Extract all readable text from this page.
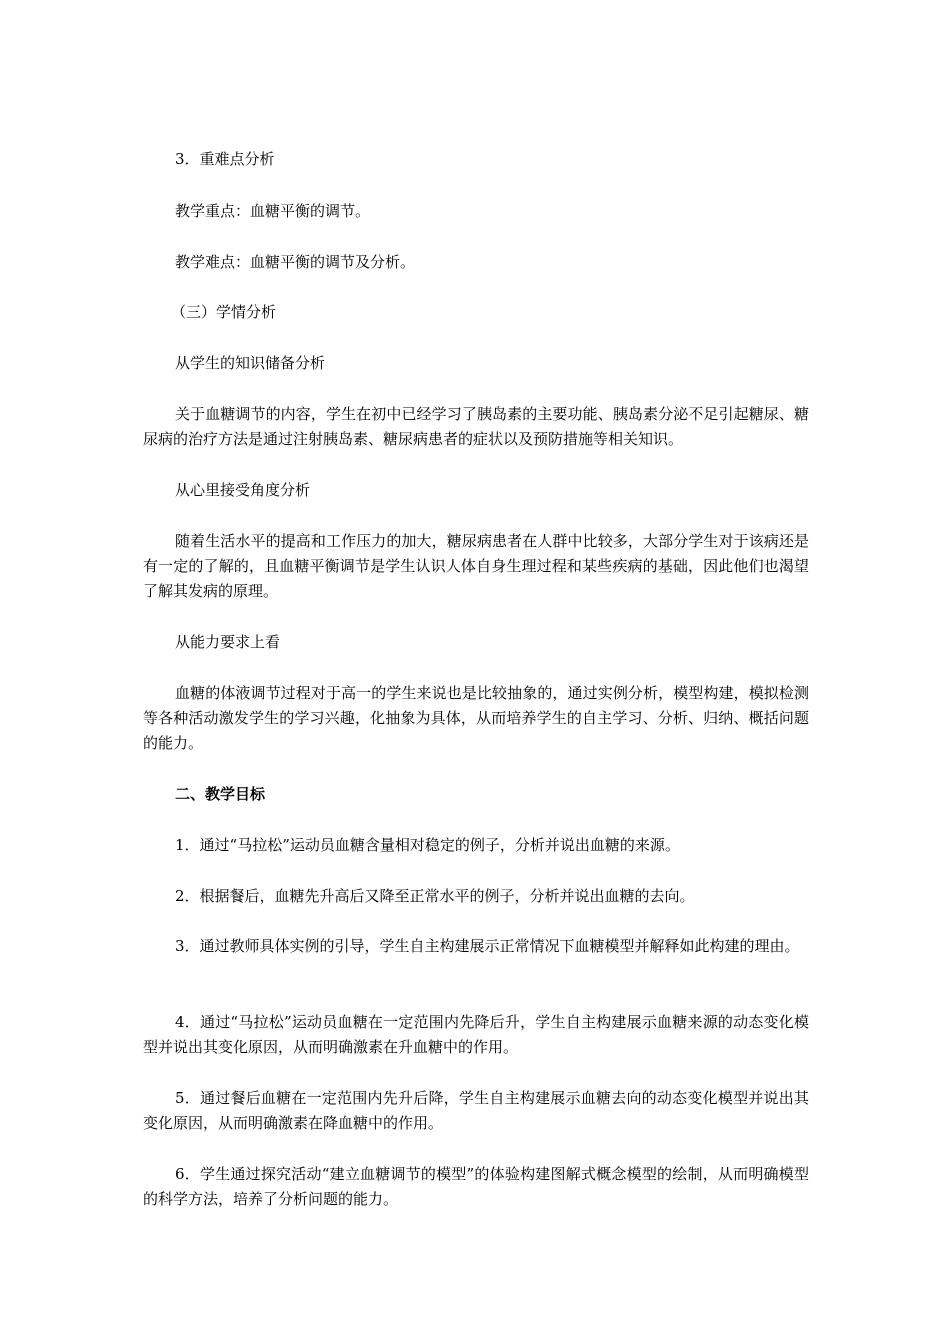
3．重难点分析

教学重点：血糖平衡的调节。

教学难点：血糖平衡的调节及分析。

（三）学情分析

从学生的知识储备分析

关于血糖调节的内容，学生在初中已经学习了胰岛素的主要功能、胰岛素分泌不足引起糖尿、糖尿病的治疗方法是通过注射胰岛素、糖尿病患者的症状以及预防措施等相关知识。

从心里接受角度分析

随着生活水平的提高和工作压力的加大，糖尿病患者在人群中比较多，大部分学生对于该病还是有一定的了解的，且血糖平衡调节是学生认识人体自身生理过程和某些疾病的基础，因此他们也渴望了解其发病的原理。

从能力要求上看

血糖的体液调节过程对于高一的学生来说也是比较抽象的，通过实例分析，模型构建，模拟检测等各种活动激发学生的学习兴趣，化抽象为具体，从而培养学生的自主学习、分析、归纳、概括问题的能力。

二、教学目标

1．通过“马拉松”运动员血糖含量相对稳定的例子，分析并说出血糖的来源。

2．根据餐后，血糖先升高后又降至正常水平的例子，分析并说出血糖的去向。

3．通过教师具体实例的引导，学生自主构建展示正常情况下血糖模型并解释如此构建的理由。

4．通过“马拉松”运动员血糖在一定范围内先降后升，学生自主构建展示血糖来源的动态变化模型并说出其变化原因，从而明确激素在升血糖中的作用。

5．通过餐后血糖在一定范围内先升后降，学生自主构建展示血糖去向的动态变化模型并说出其变化原因，从而明确激素在降血糖中的作用。

6．学生通过探究活动“建立血糖调节的模型”的体验构建图解式概念模型的绘制，从而明确模型的科学方法，培养了分析问题的能力。
